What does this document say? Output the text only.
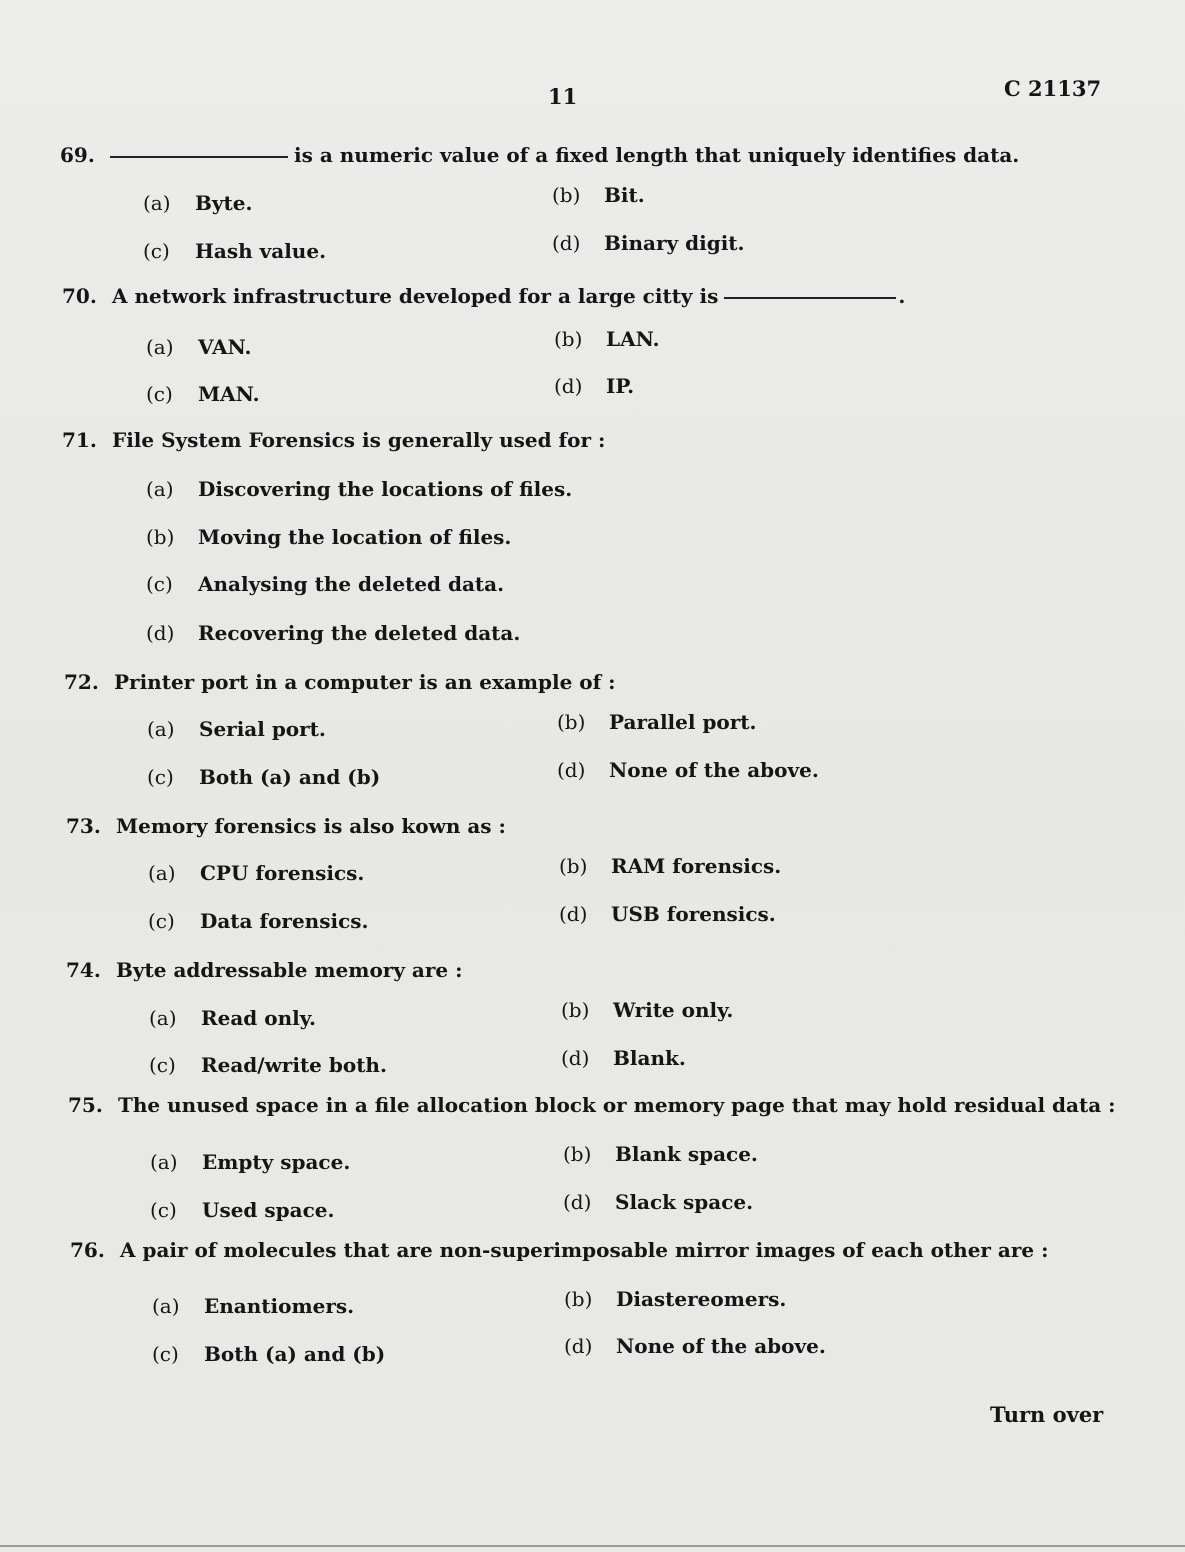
11	C 21137
69.	is a numeric value of a fixed length that uniquely identifies data.
(a) Byte.	(b) Bit.
(c) Hash value.	(d) Binary digit.
70. A network infrastructure developed for a large citty is	.
(a) VAN.	(b) LAN.
(c) MAN.	(d) IP.
71. File System Forensics is generally used for :
(a) Discovering the locations of files.
(b) Moving the location of files.
(c) Analysing the deleted data.
(d) Recovering the deleted data.
72. Printer port in a computer is an example of :
(a) Serial port.	(b) Parallel port.
(c) Both (a) and (b)	(d) None of the above.
73. Memory forensics is also kown as :
(a) CPU forensics.	(b) RAM forensics.
(c) Data forensics.	(d) USB forensics.
74. Byte addressable memory are :
(a) Read only.	(b) Write only.
(c) Read/write both.	(d) Blank.
75. The unused space in a file allocation block or memory page that may hold residual data :
(a) Empty space.	(b) Blank space.
(c) Used space.	(d) Slack space.
76. A pair of molecules that are non-superimposable mirror images of each other are :
(a) Enantiomers.	(b) Diastereomers.
(c) Both (a) and (b)	(d) None of the above.
Turn over
